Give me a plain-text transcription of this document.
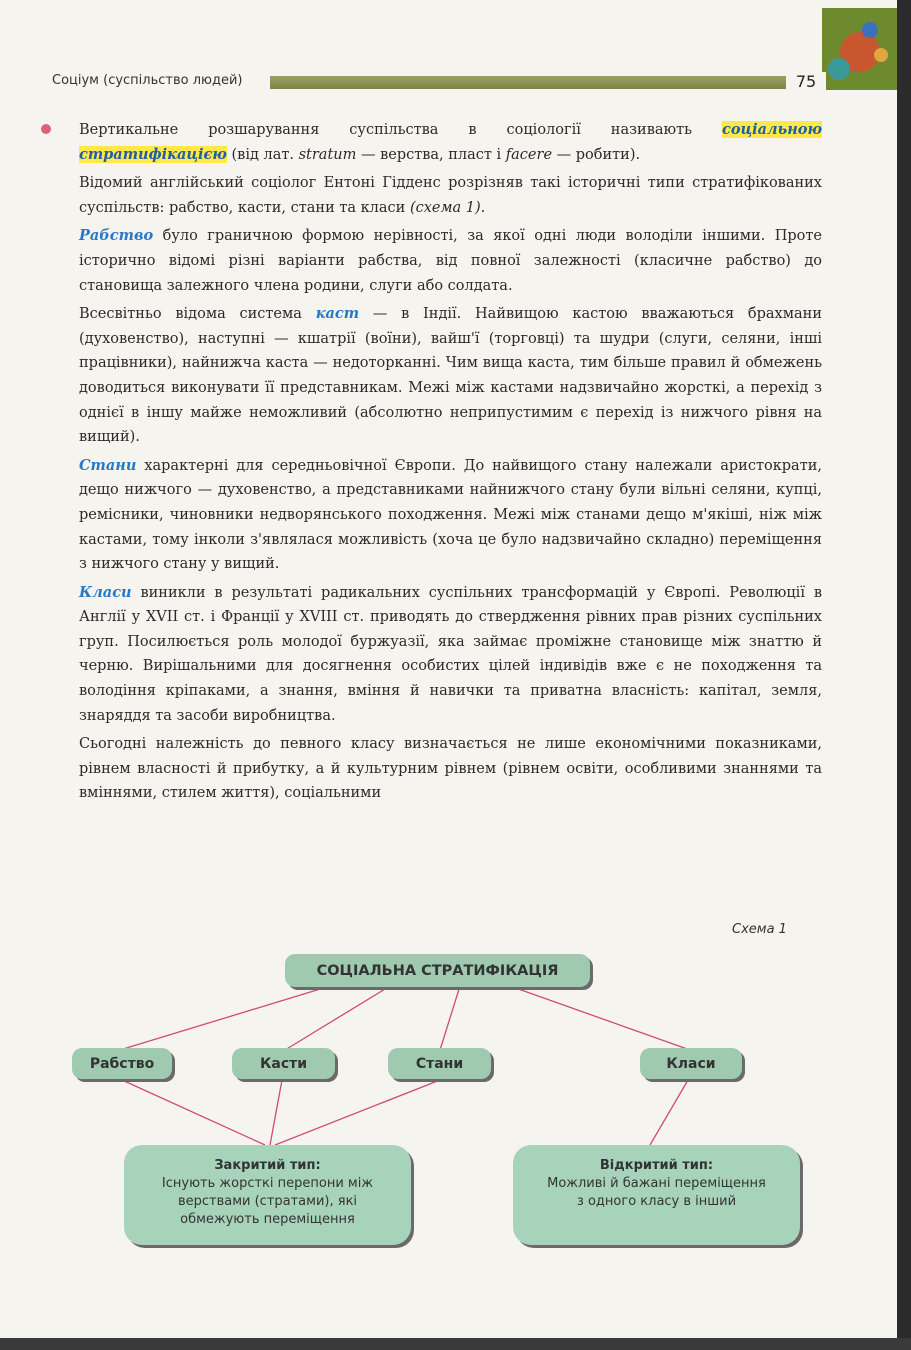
Соціум (суспільство людей)	75

Вертикальне розшарування суспільства в соціології називають соціальною стратифікацією (від лат. stratum — верства, пласт і facere — робити).

Відомий англійський соціолог Ентоні Гідденс розрізняв такі історичні типи стратифікованих суспільств: рабство, касти, стани та класи (схема 1).

Рабство було граничною формою нерівності, за якої одні люди володіли іншими. Проте історично відомі різні варіанти рабства, від повної залежності (класичне рабство) до становища залежного члена родини, слуги або солдата.

Всесвітньо відома система каст — в Індії. Найвищою кастою вважаються брахмани (духовенство), наступні — кшатрії (воїни), вайш'ї (торговці) та шудри (слуги, селяни, інші працівники), найнижча каста — недоторканні. Чим вища каста, тим більше правил й обмежень доводиться виконувати її представникам. Межі між кастами надзвичайно жорсткі, а перехід з однієї в іншу майже неможливий (абсолютно неприпустимим є перехід із нижчого рівня на вищий).

Стани характерні для середньовічної Європи. До найвищого стану належали аристократи, дещо нижчого — духовенство, а представниками найнижчого стану були вільні селяни, купці, ремісники, чиновники недворянського походження. Межі між станами дещо м'якіші, ніж між кастами, тому інколи з'являлася можливість (хоча це було надзвичайно складно) переміщення з нижчого стану у вищий.

Класи виникли в результаті радикальних суспільних трансформацій у Європі. Революції в Англії у XVII ст. і Франції у XVIII ст. приводять до ствердження рівних прав різних суспільних груп. Посилюється роль молодої буржуазії, яка займає проміжне становище між знаттю й черню. Вирішальними для досягнення особистих цілей індивідів вже є не походження та володіння кріпаками, а знання, вміння й навички та приватна власність: капітал, земля, знаряддя та засоби виробництва.

Сьогодні належність до певного класу визначається не лише економічними показниками, рівнем власності й прибутку, а й культурним рівнем (рівнем освіти, особливими знаннями та вміннями, стилем життя), соціальними

Схема 1
СОЦІАЛЬНА СТРАТИФІКАЦІЯ
Рабство	Касти	Стани	Класи
Закритий тип:
Існують жорсткі перепони між верствами (стратами), які обмежують переміщення
Відкритий тип:
Можливі й бажані переміщення з одного класу в інший
